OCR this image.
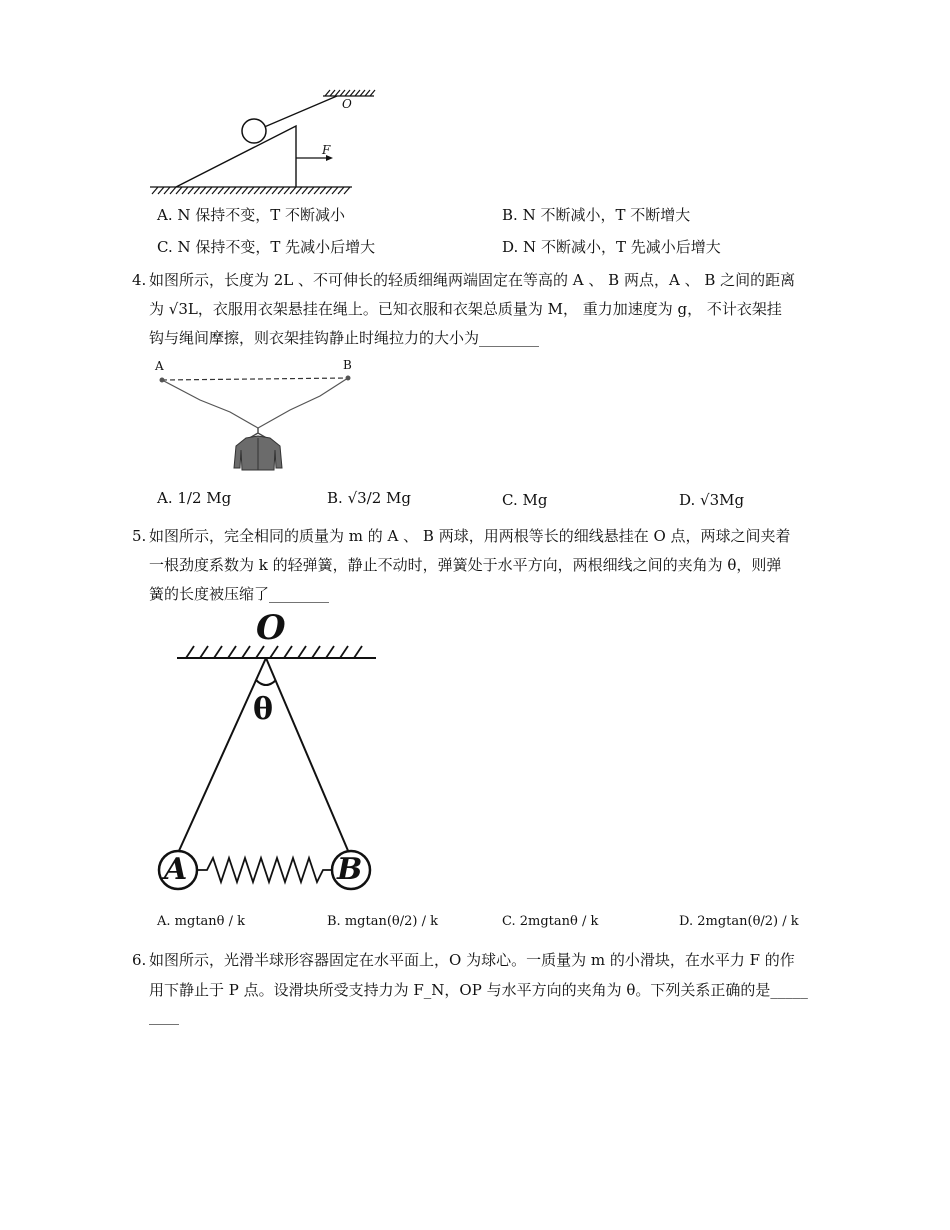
O
F
A. N 保持不变，T 不断减小	B. N 不断减小，T 不断增大
C. N 保持不变，T 先减小后增大	D. N 不断减小，T 先减小后增大
4. 如图所示，长度为 2L 、不可伸长的轻质细绳两端固定在等高的 A 、 B 两点，A 、 B 之间的距离
为 √3L，衣服用衣架悬挂在绳上。已知衣服和衣架总质量为 M， 重力加速度为 g， 不计衣架挂
钩与绳间摩擦，则衣架挂钩静止时绳拉力的大小为________
A	B
A. 1/2 Mg	B. √3/2 Mg	C. Mg	D. √3Mg
5. 如图所示，完全相同的质量为 m 的 A 、 B 两球，用两根等长的细线悬挂在 O 点，两球之间夹着
一根劲度系数为 k 的轻弹簧，静止不动时，弹簧处于水平方向，两根细线之间的夹角为 θ，则弹
簧的长度被压缩了________
O
θ
A	B
A. mgtanθ / k	B. mgtan(θ/2) / k	C. 2mgtanθ / k	D. 2mgtan(θ/2) / k
6. 如图所示，光滑半球形容器固定在水平面上，O 为球心。一质量为 m 的小滑块，在水平力 F 的作
用下静止于 P 点。设滑块所受支持力为 F_N，OP 与水平方向的夹角为 θ。下列关系正确的是_____
____
